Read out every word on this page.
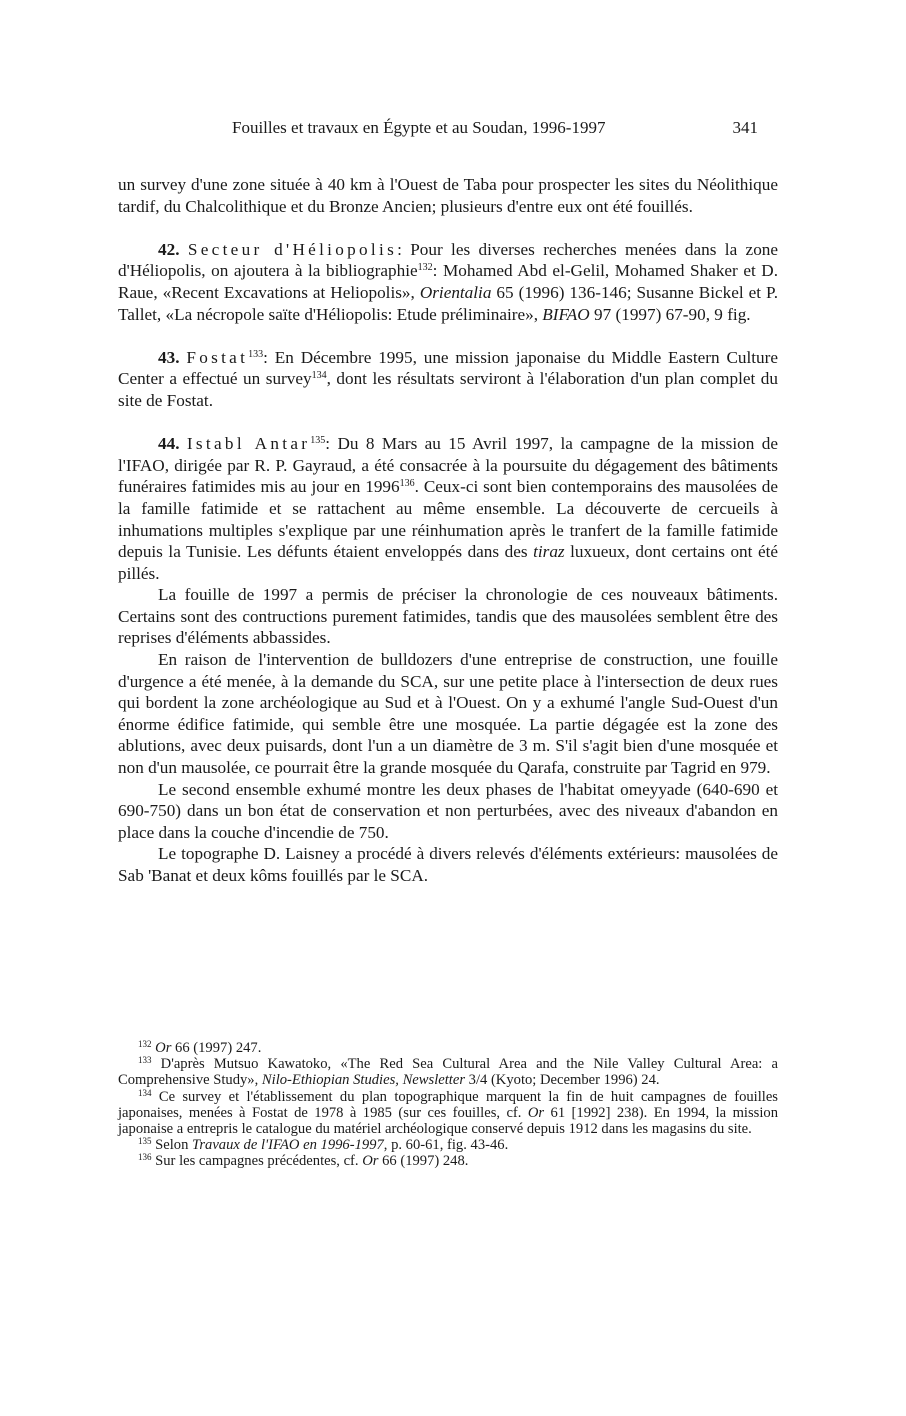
Fouilles et travaux en Égypte et au Soudan, 1996-1997	341

un survey d'une zone située à 40 km à l'Ouest de Taba pour prospecter les sites du Néolithique tardif, du Chalcolithique et du Bronze Ancien; plusieurs d'entre eux ont été fouillés.

42. Secteur d'Héliopolis: Pour les diverses recherches menées dans la zone d'Héliopolis, on ajoutera à la bibliographie$^{132}$: Mohamed Abd el-Gelil, Mohamed Shaker et D. Raue, «Recent Excavations at Heliopolis», Orientalia 65 (1996) 136-146; Susanne Bickel et P. Tallet, «La nécropole saïte d'Héliopolis: Etude préliminaire», BIFAO 97 (1997) 67-90, 9 fig.

43. Fostat$^{133}$: En Décembre 1995, une mission japonaise du Middle Eastern Culture Center a effectué un survey$^{134}$, dont les résultats serviront à l'élaboration d'un plan complet du site de Fostat.

44. Istabl Antar$^{135}$: Du 8 Mars au 15 Avril 1997, la campagne de la mission de l'IFAO, dirigée par R. P. Gayraud, a été consacrée à la poursuite du dégagement des bâtiments funéraires fatimides mis au jour en 1996$^{136}$. Ceux-ci sont bien contemporains des mausolées de la famille fatimide et se rattachent au même ensemble. La découverte de cercueils à inhumations multiples s'explique par une réinhumation après le tranfert de la famille fatimide depuis la Tunisie. Les défunts étaient enveloppés dans des tiraz luxueux, dont certains ont été pillés.

La fouille de 1997 a permis de préciser la chronologie de ces nouveaux bâtiments. Certains sont des contructions purement fatimides, tandis que des mausolées semblent être des reprises d'éléments abbassides.

En raison de l'intervention de bulldozers d'une entreprise de construction, une fouille d'urgence a été menée, à la demande du SCA, sur une petite place à l'intersection de deux rues qui bordent la zone archéologique au Sud et à l'Ouest. On y a exhumé l'angle Sud-Ouest d'un énorme édifice fatimide, qui semble être une mosquée. La partie dégagée est la zone des ablutions, avec deux puisards, dont l'un a un diamètre de 3 m. S'il s'agit bien d'une mosquée et non d'un mausolée, ce pourrait être la grande mosquée du Qarafa, construite par Tagrid en 979.

Le second ensemble exhumé montre les deux phases de l'habitat omeyyade (640-690 et 690-750) dans un bon état de conservation et non perturbées, avec des niveaux d'abandon en place dans la couche d'incendie de 750.

Le topographe D. Laisney a procédé à divers relevés d'éléments extérieurs: mausolées de Sab 'Banat et deux kôms fouillés par le SCA.

$^{132}$ Or 66 (1997) 247.

$^{133}$ D'après Mutsuo Kawatoko, «The Red Sea Cultural Area and the Nile Valley Cultural Area: a Comprehensive Study», Nilo-Ethiopian Studies, Newsletter 3/4 (Kyoto; December 1996) 24.

$^{134}$ Ce survey et l'établissement du plan topographique marquent la fin de huit campagnes de fouilles japonaises, menées à Fostat de 1978 à 1985 (sur ces fouilles, cf. Or 61 [1992] 238). En 1994, la mission japonaise a entrepris le catalogue du matériel archéologique conservé depuis 1912 dans les magasins du site.

$^{135}$ Selon Travaux de l'IFAO en 1996-1997, p. 60-61, fig. 43-46.

$^{136}$ Sur les campagnes précédentes, cf. Or 66 (1997) 248.
